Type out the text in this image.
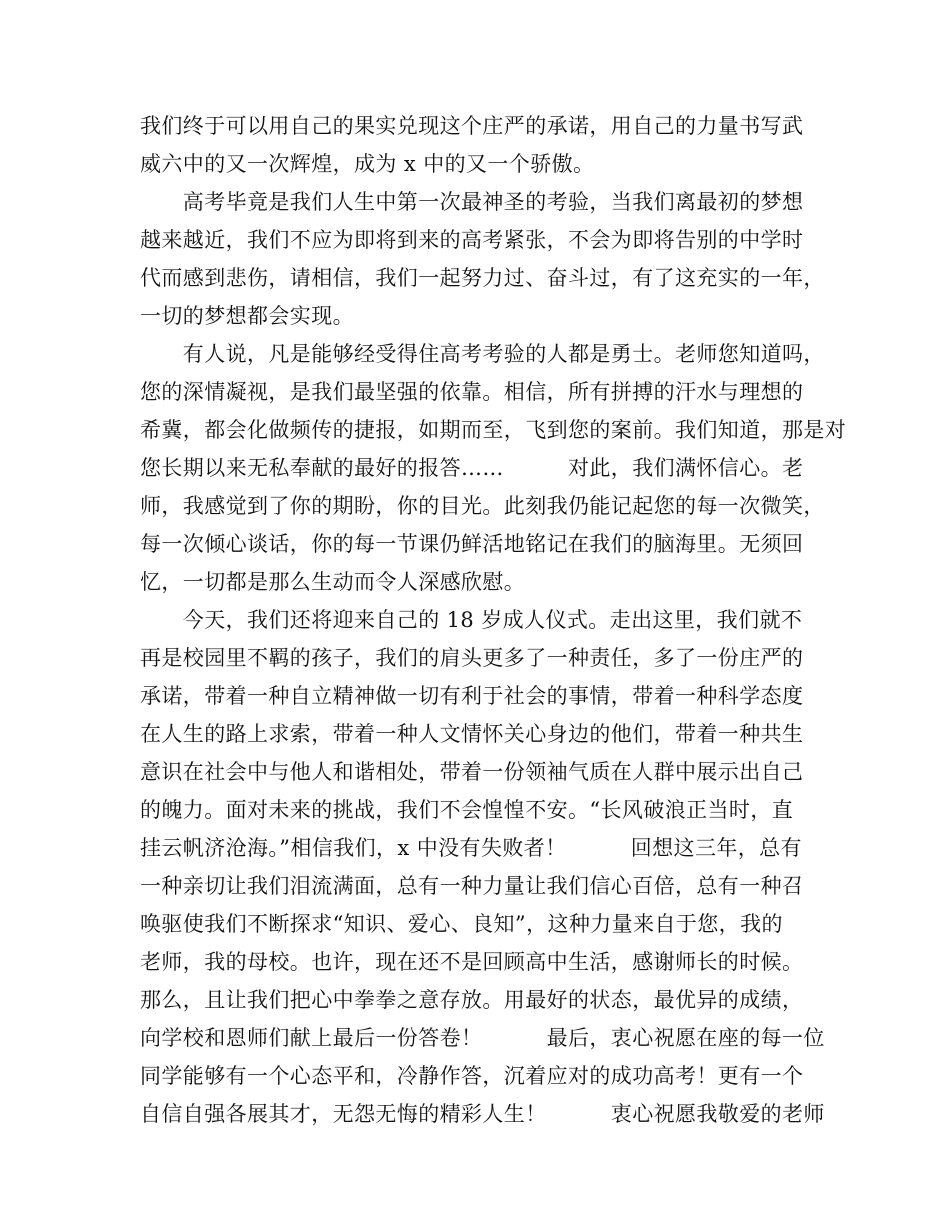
我们终于可以用自己的果实兑现这个庄严的承诺，用自己的力量书写武
威六中的又一次辉煌，成为 x 中的又一个骄傲。
　　高考毕竟是我们人生中第一次最神圣的考验，当我们离最初的梦想
越来越近，我们不应为即将到来的高考紧张，不会为即将告别的中学时
代而感到悲伤，请相信，我们一起努力过、奋斗过，有了这充实的一年，
一切的梦想都会实现。
　　有人说，凡是能够经受得住高考考验的人都是勇士。老师您知道吗，
您的深情凝视，是我们最坚强的依靠。相信，所有拼搏的汗水与理想的
希冀，都会化做频传的捷报，如期而至，飞到您的案前。我们知道，那是对
您长期以来无私奉献的最好的报答……　　　对此，我们满怀信心。老
师，我感觉到了你的期盼，你的目光。此刻我仍能记起您的每一次微笑，
每一次倾心谈话，你的每一节课仍鲜活地铭记在我们的脑海里。无须回
忆，一切都是那么生动而令人深感欣慰。
　　今天，我们还将迎来自己的 18 岁成人仪式。走出这里，我们就不
再是校园里不羁的孩子，我们的肩头更多了一种责任，多了一份庄严的
承诺，带着一种自立精神做一切有利于社会的事情，带着一种科学态度
在人生的路上求索，带着一种人文情怀关心身边的他们，带着一种共生
意识在社会中与他人和谐相处，带着一份领袖气质在人群中展示出自己
的魄力。面对未来的挑战，我们不会惶惶不安。“长风破浪正当时，直
挂云帆济沧海。”相信我们，x 中没有失败者！　　　回想这三年，总有
一种亲切让我们泪流满面，总有一种力量让我们信心百倍，总有一种召
唤驱使我们不断探求“知识、爱心、良知”，这种力量来自于您，我的
老师，我的母校。也许，现在还不是回顾高中生活，感谢师长的时候。
那么，且让我们把心中拳拳之意存放。用最好的状态，最优异的成绩，
向学校和恩师们献上最后一份答卷！　　　最后，衷心祝愿在座的每一位
同学能够有一个心态平和，冷静作答，沉着应对的成功高考！更有一个
自信自强各展其才，无怨无悔的精彩人生！　　　衷心祝愿我敬爱的老师
